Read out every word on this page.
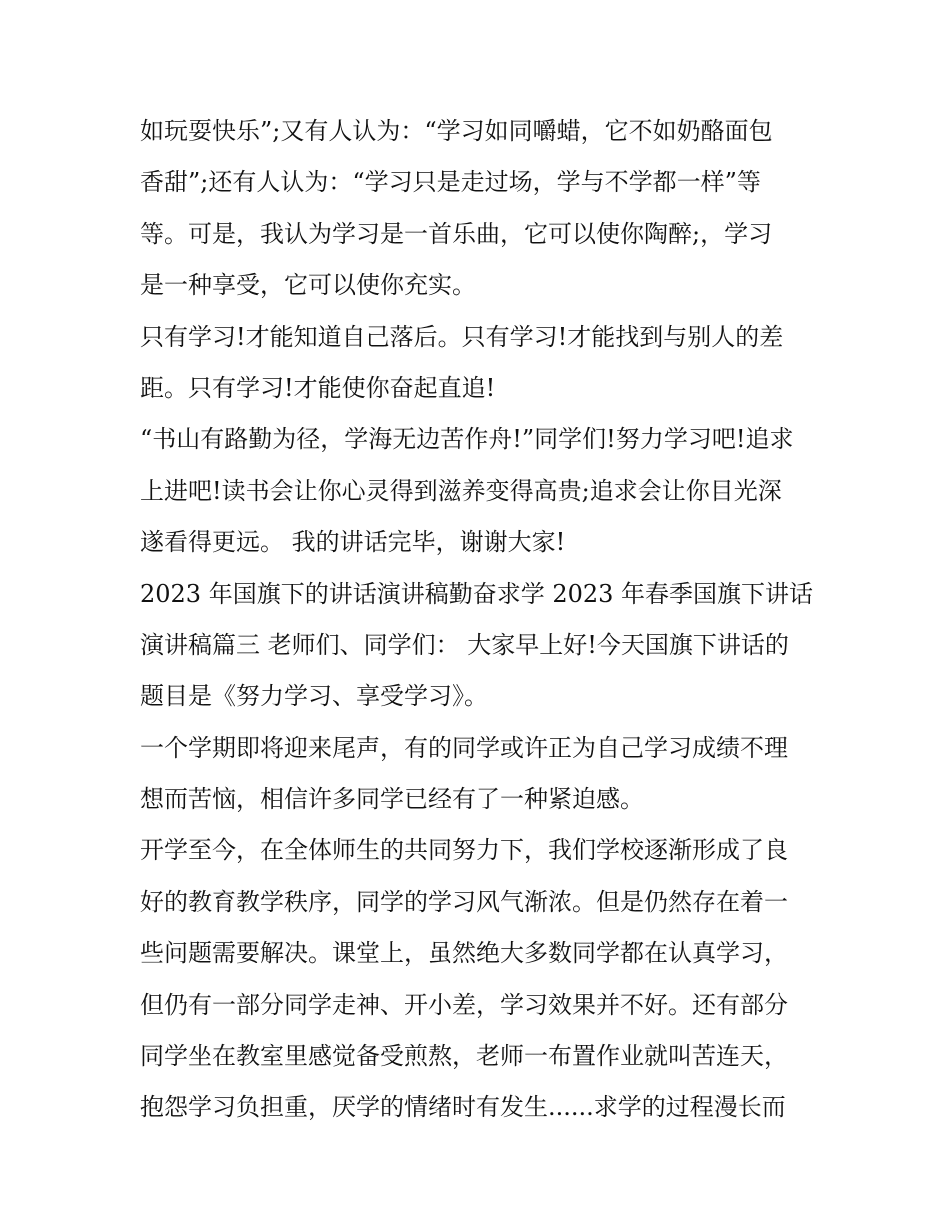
如玩耍快乐”;又有人认为：“学习如同嚼蜡，它不如奶酪面包
香甜”;还有人认为：“学习只是走过场，学与不学都一样”等
等。可是，我认为学习是一首乐曲，它可以使你陶醉;，学习
是一种享受，它可以使你充实。

只有学习!才能知道自己落后。只有学习!才能找到与别人的差
距。只有学习!才能使你奋起直追!

“书山有路勤为径，学海无边苦作舟!”同学们!努力学习吧!追求
上进吧!读书会让你心灵得到滋养变得高贵;追求会让你目光深
遂看得更远。 我的讲话完毕，谢谢大家!

2023 年国旗下的讲话演讲稿勤奋求学 2023 年春季国旗下讲话
演讲稿篇三 老师们、同学们： 大家早上好!今天国旗下讲话的
题目是《努力学习、享受学习》。

一个学期即将迎来尾声，有的同学或许正为自己学习成绩不理
想而苦恼，相信许多同学已经有了一种紧迫感。

开学至今，在全体师生的共同努力下，我们学校逐渐形成了良
好的教育教学秩序，同学的学习风气渐浓。但是仍然存在着一
些问题需要解决。课堂上，虽然绝大多数同学都在认真学习，
但仍有一部分同学走神、开小差，学习效果并不好。还有部分
同学坐在教室里感觉备受煎熬，老师一布置作业就叫苦连天，
抱怨学习负担重，厌学的情绪时有发生......求学的过程漫长而
